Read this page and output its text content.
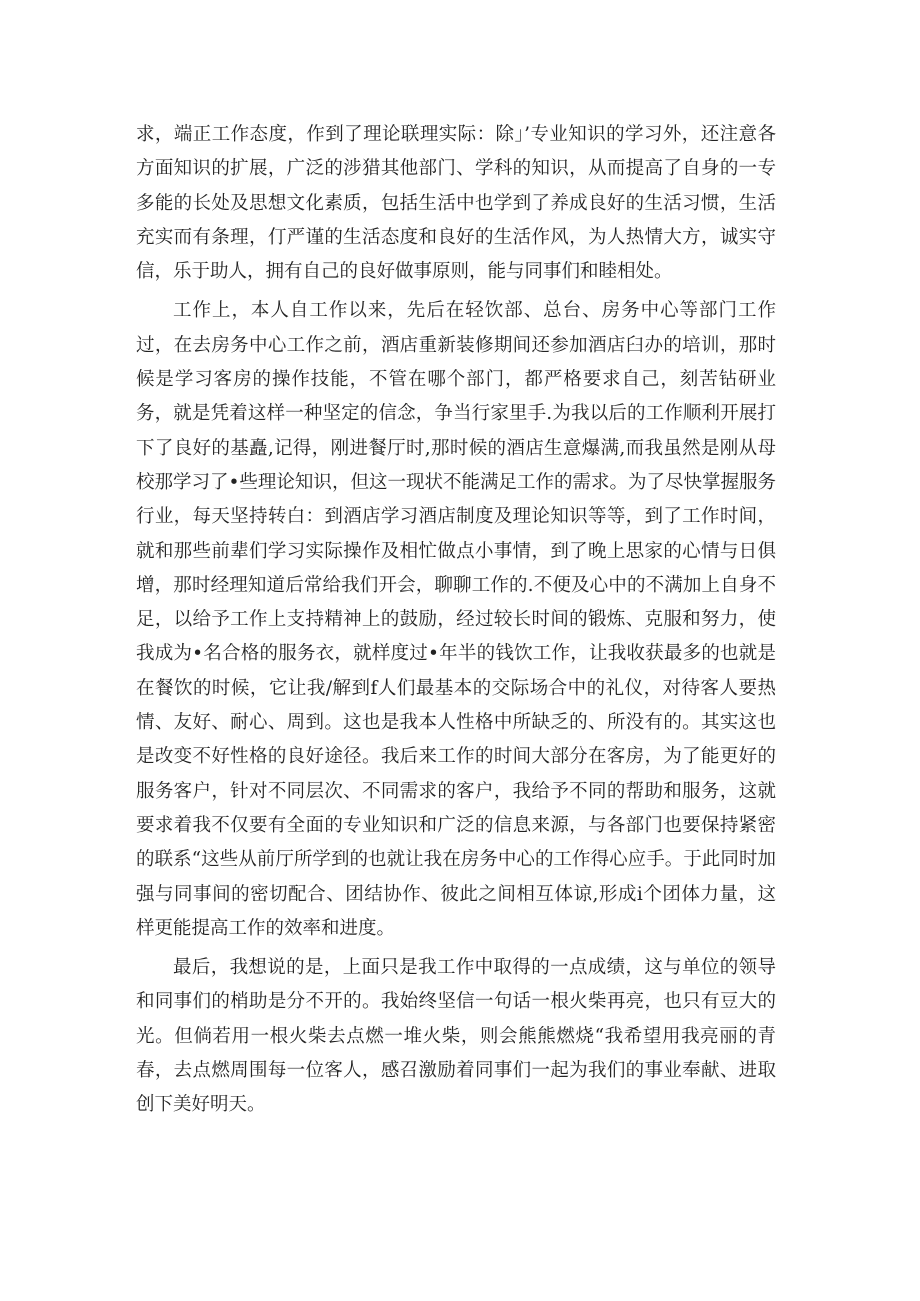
求，端正工作态度，作到了理论联理实际：除」’专业知识的学习外，还注意各方面知识的扩展，广泛的涉猎其他部门、学科的知识，从而提高了自身的一专多能的长处及思想文化素质，包括生活中也学到了养成良好的生活习惯，生活充实而有条理，仃严谨的生活态度和良好的生活作风，为人热情大方，诚实守信，乐于助人，拥有自己的良好做事原则，能与同事们和睦相处。

工作上，本人自工作以来，先后在轻饮部、总台、房务中心等部门工作过，在去房务中心工作之前，酒店重新装修期间还参加酒店臼办的培训，那时候是学习客房的操作技能，不管在哪个部门，都严格要求自己，刻苦钻研业务，就是凭着这样一种坚定的信念，争当行家里手.为我以后的工作顺利开展打下了良好的基矗,记得，刚进餐厅时,那时候的酒店生意爆满,而我虽然是刚从母校那学习了•些理论知识，但这一现状不能满足工作的需求。为了尽快掌握服务行业，每天坚持转白：到酒店学习酒店制度及理论知识等等，到了工作时间，就和那些前辈们学习实际操作及相忙做点小事情，到了晚上思家的心情与日俱增，那时经理知道后常给我们开会，聊聊工作的.不便及心中的不满加上自身不足，以给予工作上支持精神上的鼓励，经过较长时间的锻炼、克服和努力，使我成为•名合格的服务衣，就样度过•年半的钱饮工作，让我收获最多的也就是在餐饮的时候，它让我/解到f人们最基本的交际场合中的礼仪，对待客人要热情、友好、耐心、周到。这也是我本人性格中所缺乏的、所没有的。其实这也是改变不好性格的良好途径。我后来工作的时间大部分在客房，为了能更好的服务客户，针对不同层次、不同需求的客户，我给予不同的帮助和服务，这就要求着我不仅要有全面的专业知识和广泛的信息来源，与各部门也要保持紧密的联系“这些从前厅所学到的也就让我在房务中心的工作得心应手。于此同时加强与同事间的密切配合、团结协作、彼此之间相互体谅,形成i个团体力量，这样更能提高工作的效率和进度。

最后，我想说的是，上面只是我工作中取得的一点成绩，这与单位的领导和同事们的梢助是分不开的。我始终坚信一句话一根火柴再亮，也只有豆大的光。但倘若用一根火柴去点燃一堆火柴，则会熊熊燃烧“我希望用我亮丽的青春，去点燃周围每一位客人，感召激励着同事们一起为我们的事业奉献、进取创下美好明天。
